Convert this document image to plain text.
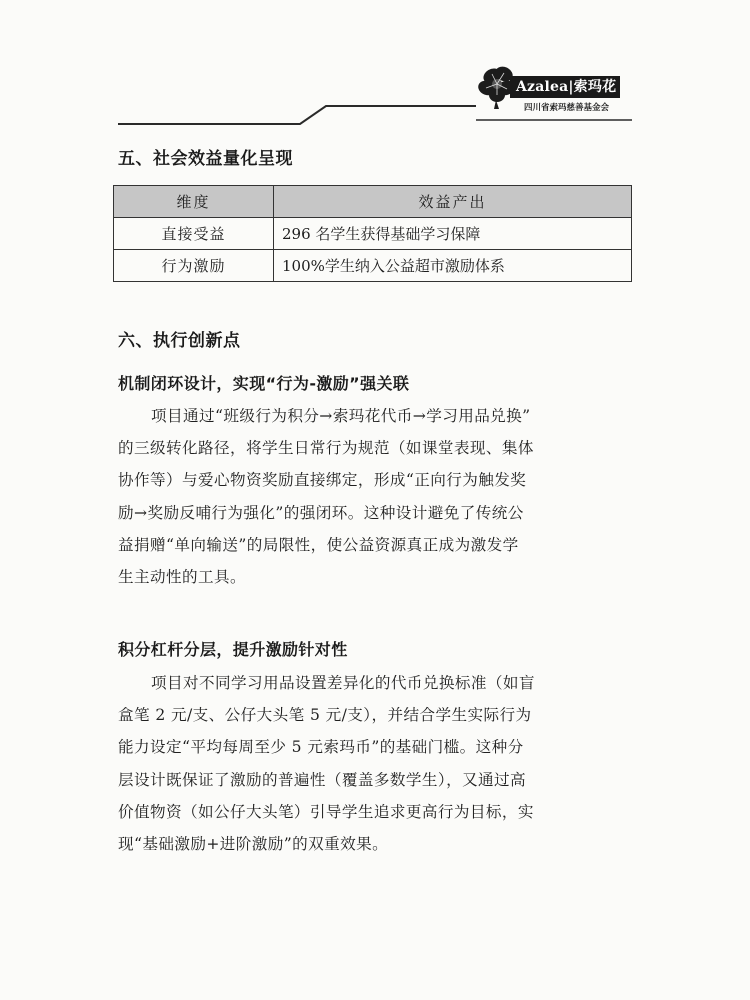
Azalea|索玛花
四川省索玛慈善基金会
五、社会效益量化呈现
维度	效益产出
直接受益	296 名学生获得基础学习保障
行为激励	100%学生纳入公益超市激励体系
六、执行创新点
机制闭环设计，实现“行为-激励”强关联
项目通过“班级行为积分→索玛花代币→学习用品兑换”
的三级转化路径，将学生日常行为规范（如课堂表现、集体
协作等）与爱心物资奖励直接绑定，形成“正向行为触发奖
励→奖励反哺行为强化”的强闭环。这种设计避免了传统公
益捐赠“单向输送”的局限性，使公益资源真正成为激发学
生主动性的工具。
积分杠杆分层，提升激励针对性
项目对不同学习用品设置差异化的代币兑换标准（如盲
盒笔 2 元/支、公仔大头笔 5 元/支），并结合学生实际行为
能力设定“平均每周至少 5 元索玛币”的基础门槛。这种分
层设计既保证了激励的普遍性（覆盖多数学生），又通过高
价值物资（如公仔大头笔）引导学生追求更高行为目标，实
现“基础激励+进阶激励”的双重效果。
